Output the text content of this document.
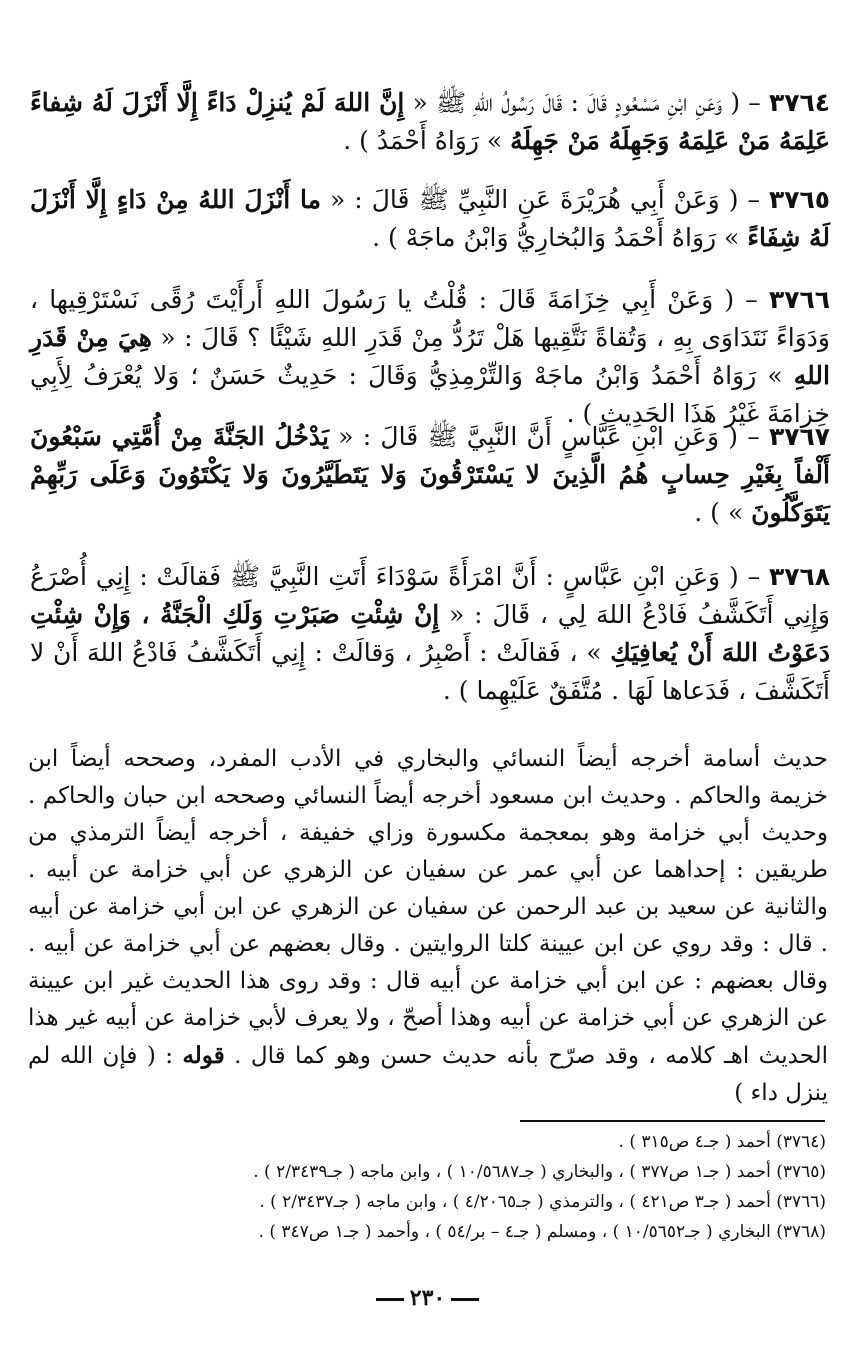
٣٧٦٤ – ( وَعَنِ ابْنِ مَسْعُودٍ قَالَ : قَالَ رَسُولُ اللهِ ﷺ « إِنَّ اللهَ لَمْ يُنزِلْ دَاءً إِلَّا أَنْزَلَ لَهُ شِفاءً عَلِمَهُ مَنْ عَلِمَهُ وَجَهِلَهُ مَنْ جَهِلَهُ » رَوَاهُ أَحْمَدُ ) .
٣٧٦٥ – ( وَعَنْ أَبِي هُرَيْرَةَ عَنِ النَّبِيِّ ﷺ قَالَ : « ما أَنْزَلَ اللهُ مِنْ دَاءٍ إِلَّا أَنْزَلَ لَهُ شِفَاءً » رَوَاهُ أَحْمَدُ وَالبُخارِيُّ وَابْنُ ماجَهْ ) .
٣٧٦٦ – ( وَعَنْ أَبِي خِزَامَةَ قَالَ : قُلْتُ يا رَسُولَ اللهِ أَرأَيْتَ رُقًى نَسْتَرْقِيها ، وَدَوَاءً نَتَدَاوَى بِهِ ، وَتُقاةً نَتَّقِيها هَلْ تَرُدُّ مِنْ قَدَرِ اللهِ شَيْئًا ؟ قَالَ : « هِيَ مِنْ قَدَرِ اللهِ » رَوَاهُ أَحْمَدُ وَابْنُ ماجَهْ وَالتِّرْمِذِيُّ وَقَالَ : حَدِيثٌ حَسَنٌ ؛ وَلا يُعْرَفُ لِأَبِي خِزامَةَ غَيْرُ هَذَا الحَدِيثِ ) .
٣٧٦٧ – ( وَعَنِ ابْنِ عَبَّاسٍ أَنَّ النَّبِيَّ ﷺ قَالَ : « يَدْخُلُ الجَنَّةَ مِنْ أُمَّتِي سَبْعُونَ أَلْفاً بِغَيْرِ حِسابٍ هُمُ الَّذِينَ لا يَسْتَرْقُونَ وَلا يَتَطَيَّرُونَ وَلا يَكْتَوُونَ وَعَلَى رَبِّهِمْ يَتَوَكَّلُونَ » ) .
٣٧٦٨ – ( وَعَنِ ابْنِ عَبَّاسٍ : أَنَّ امْرَأَةً سَوْدَاءَ أَتَتِ النَّبِيَّ ﷺ فَقالَتْ : إِنِي أُصْرَعُ وَإِنِي أَتَكَشَّفُ فَادْعُ اللهَ لِي ، قَالَ : « إِنْ شِئْتِ صَبَرْتِ وَلَكِ الْجَنَّةُ ، وَإِنْ شِئْتِ دَعَوْتُ اللهَ أَنْ يُعافِيَكِ » ، فَقالَتْ : أَصْبِرُ ، وَقالَتْ : إِنِي أَتَكَشَّفُ فَادْعُ اللهَ أَنْ لا أَتَكَشَّفَ ، فَدَعاها لَهَا . مُتَّفَقٌ عَلَيْهِما ) .
حديث أسامة أخرجه أيضاً النسائي والبخاري في الأدب المفرد، وصححه أيضاً ابن خزيمة والحاكم . وحديث ابن مسعود أخرجه أيضاً النسائي وصححه ابن حبان والحاكم . وحديث أبي خزامة وهو بمعجمة مكسورة وزاي خفيفة ، أخرجه أيضاً الترمذي من طريقين : إحداهما عن أبي عمر عن سفيان عن الزهري عن أبي خزامة عن أبيه . والثانية عن سعيد بن عبد الرحمن عن سفيان عن الزهري عن ابن أبي خزامة عن أبيه . قال : وقد روي عن ابن عيينة كلتا الروايتين . وقال بعضهم عن أبي خزامة عن أبيه . وقال بعضهم : عن ابن أبي خزامة عن أبيه قال : وقد روى هذا الحديث غير ابن عيينة عن الزهري عن أبي خزامة عن أبيه وهذا أصحّ ، ولا يعرف لأبي خزامة عن أبيه غير هذا الحديث اهـ كلامه ، وقد صرّح بأنه حديث حسن وهو كما قال . قوله : ( فإن الله لم ينزل داء )
(٣٧٦٤) أحمد ( جـ٤ ص٣١٥ ) .
(٣٧٦٥) أحمد ( جـ١ ص٣٧٧ ) ، والبخاري ( جـ١٠/٥٦٨٧ ) ، وابن ماجه ( جـ٢/٣٤٣٩ ) .
(٣٧٦٦) أحمد ( جـ٣ ص٤٢١ ) ، والترمذي ( جـ٤/٢٠٦٥ ) ، وابن ماجه ( جـ٢/٣٤٣٧ ) .
(٣٧٦٨) البخاري ( جـ١٠/٥٦٥٢ ) ، ومسلم ( جـ٤ – بر/٥٤ ) ، وأحمد ( جـ١ ص٣٤٧ ) .
٢٣٠
